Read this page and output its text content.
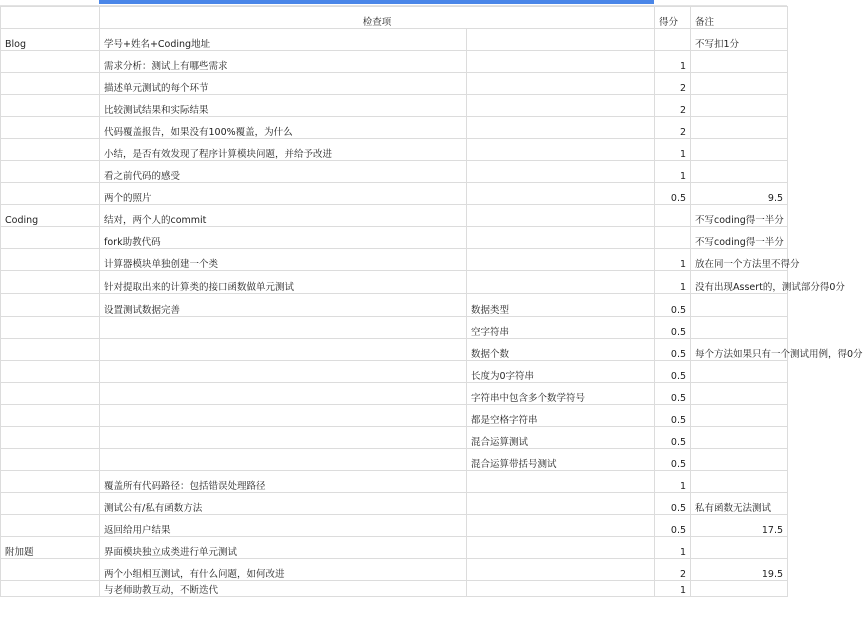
	检查项		得分	备注
Blog	学号+姓名+Coding地址			不写扣1分
	需求分析：测试上有哪些需求		1	
	描述单元测试的每个环节		2	
	比较测试结果和实际结果		2	
	代码覆盖报告，如果没有100%覆盖，为什么		2	
	小结，是否有效发现了程序计算模块问题，并给予改进		1	
	看之前代码的感受		1	
	两个的照片		0.5	9.5
Coding	结对，两个人的commit			不写coding得一半分
	fork助教代码			不写coding得一半分
	计算器模块单独创建一个类		1	放在同一个方法里不得分
	针对提取出来的计算类的接口函数做单元测试		1	没有出现Assert的，测试部分得0分
	设置测试数据完善	数据类型	0.5	
		空字符串	0.5	
		数据个数	0.5	每个方法如果只有一个测试用例，得0分
		长度为0字符串	0.5	
		字符串中包含多个数学符号	0.5	
		都是空格字符串	0.5	
		混合运算测试	0.5	
		混合运算带括号测试	0.5	
	覆盖所有代码路径：包括错误处理路径		1	
	测试公有/私有函数方法		0.5	私有函数无法测试
	返回给用户结果		0.5	17.5
附加题	界面模块独立成类进行单元测试		1	
	两个小组相互测试，有什么问题，如何改进		2	19.5
	与老师助教互动，不断迭代		1	
